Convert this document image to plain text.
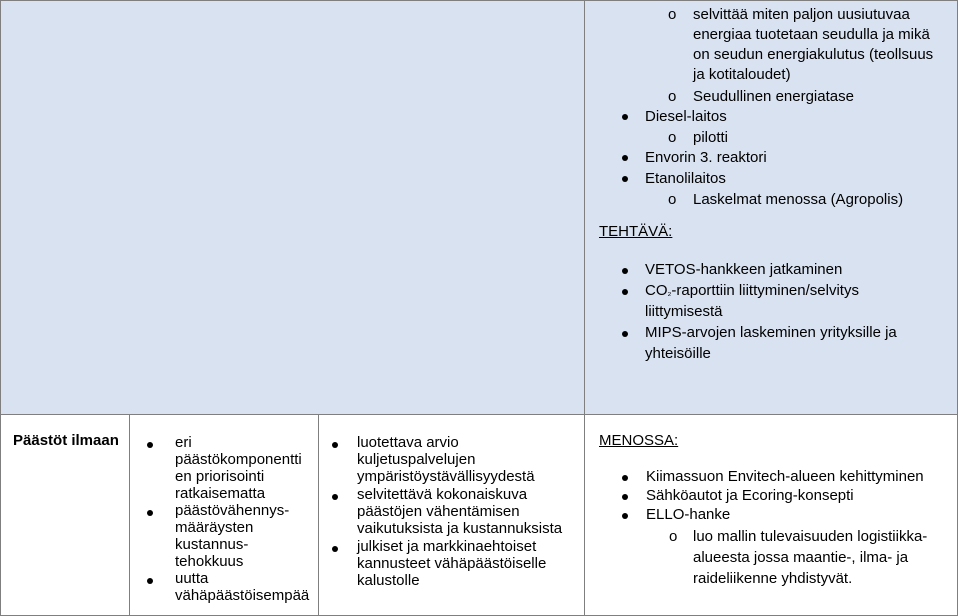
o selvittää miten paljon uusiutuvaa
energiaa tuotetaan seudulla ja mikä
on seudun energiakulutus (teollsuus
ja kotitaloudet)
o Seudullinen energiatase
Diesel-laitos
o pilotti
Envorin 3. reaktori
Etanolilaitos
o Laskelmat menossa (Agropolis)
TEHTÄVÄ:
VETOS-hankkeen jatkaminen
CO₂-raporttiin liittyminen/selvitys
liittymisestä
MIPS-arvojen laskeminen yrityksille ja
yhteisöille
Päästöt ilmaan	eri
päästökomponentti
en priorisointi
ratkaisematta
päästövähennys-
määräysten
kustannus-
tehokkuus
uutta
vähäpäästöisempää
luotettava arvio
kuljetuspalvelujen
ympäristöystävällisyydestä
selvitettävä kokonaiskuva
päästöjen vähentämisen
vaikutuksista ja kustannuksista
julkiset ja markkinaehtoiset
kannusteet vähäpäästöiselle
kalustolle
MENOSSA:
Kiimassuon Envitech-alueen kehittyminen
Sähköautot ja Ecoring-konsepti
ELLO-hanke
o luo mallin tulevaisuuden logistiikka-
alueesta jossa maantie-, ilma- ja
raideliikenne yhdistyvät.
